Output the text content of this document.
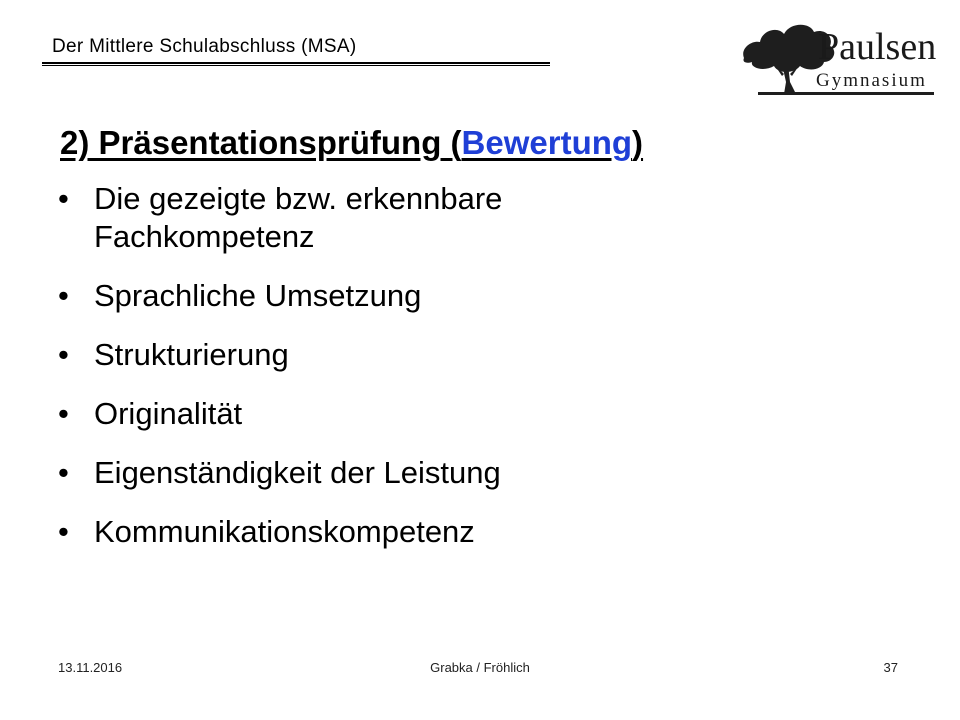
Der Mittlere Schulabschluss (MSA)	Paulsen
Gymnasium
2) Präsentationsprüfung (Bewertung)
• Die gezeigte bzw. erkennbare Fachkompetenz
• Sprachliche Umsetzung
• Strukturierung
• Originalität
• Eigenständigkeit der Leistung
• Kommunikationskompetenz
13.11.2016	Grabka / Fröhlich	37
